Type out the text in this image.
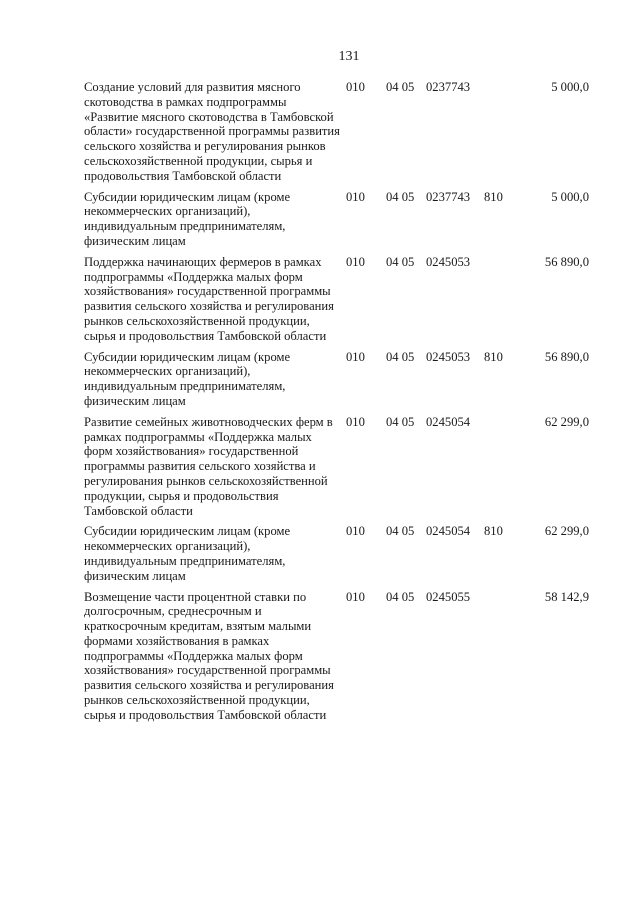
131
Создание условий для развития мясного скотоводства в рамках подпрограммы «Развитие мясного скотоводства в Тамбовской области» государственной программы развития сельского хозяйства и регулирования рынков сельскохозяйственной продукции, сырья и продовольствия Тамбовской области	010	04 05	0237743		5 000,0
Субсидии юридическим лицам (кроме некоммерческих организаций), индивидуальным предпринимателям, физическим лицам	010	04 05	0237743	810	5 000,0
Поддержка начинающих фермеров в рамках подпрограммы «Поддержка малых форм хозяйствования» государственной программы развития сельского хозяйства и регулирования рынков сельскохозяйственной продукции, сырья и продовольствия Тамбовской области	010	04 05	0245053		56 890,0
Субсидии юридическим лицам (кроме некоммерческих организаций), индивидуальным предпринимателям, физическим лицам	010	04 05	0245053	810	56 890,0
Развитие семейных животноводческих ферм в рамках подпрограммы «Поддержка малых форм хозяйствования» государственной программы развития сельского хозяйства и регулирования рынков сельскохозяйственной продукции, сырья и продовольствия Тамбовской области	010	04 05	0245054		62 299,0
Субсидии юридическим лицам (кроме некоммерческих организаций), индивидуальным предпринимателям, физическим лицам	010	04 05	0245054	810	62 299,0
Возмещение части процентной ставки по долгосрочным, среднесрочным и краткосрочным кредитам, взятым малыми формами хозяйствования в рамках подпрограммы «Поддержка малых форм хозяйствования» государственной программы развития сельского хозяйства и регулирования рынков сельскохозяйственной продукции, сырья и продовольствия Тамбовской области	010	04 05	0245055		58 142,9
